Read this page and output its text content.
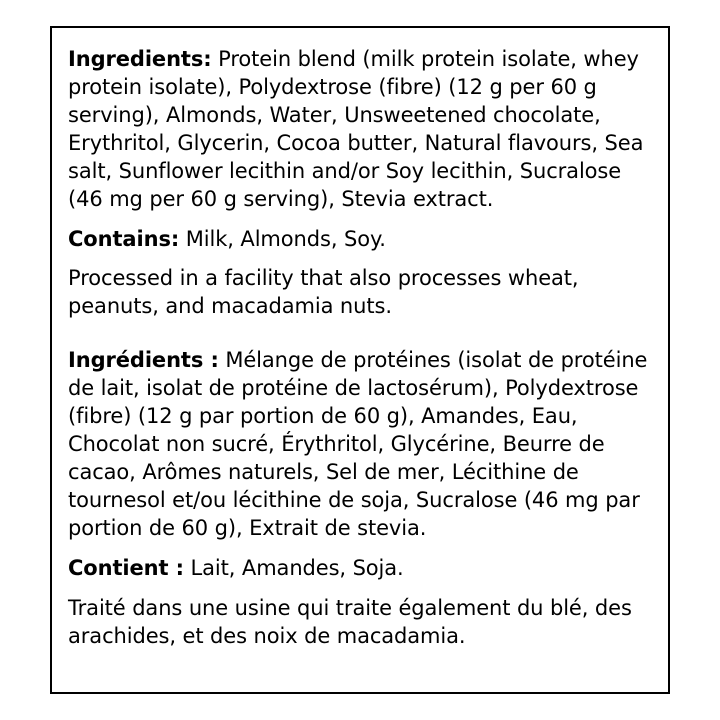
Ingredients: Protein blend (milk protein isolate, whey protein isolate), Polydextrose (fibre) (12 g per 60 g serving), Almonds, Water, Unsweetened chocolate, Erythritol, Glycerin, Cocoa butter, Natural flavours, Sea salt, Sunflower lecithin and/or Soy lecithin, Sucralose (46 mg per 60 g serving), Stevia extract.

Contains: Milk, Almonds, Soy.

Processed in a facility that also processes wheat, peanuts, and macadamia nuts.

Ingrédients : Mélange de protéines (isolat de protéine de lait, isolat de protéine de lactosérum), Polydextrose (fibre) (12 g par portion de 60 g), Amandes, Eau, Chocolat non sucré, Érythritol, Glycérine, Beurre de cacao, Arômes naturels, Sel de mer, Lécithine de tournesol et/ou lécithine de soja, Sucralose (46 mg par portion de 60 g), Extrait de stevia.

Contient : Lait, Amandes, Soja.

Traité dans une usine qui traite également du blé, des arachides, et des noix de macadamia.
